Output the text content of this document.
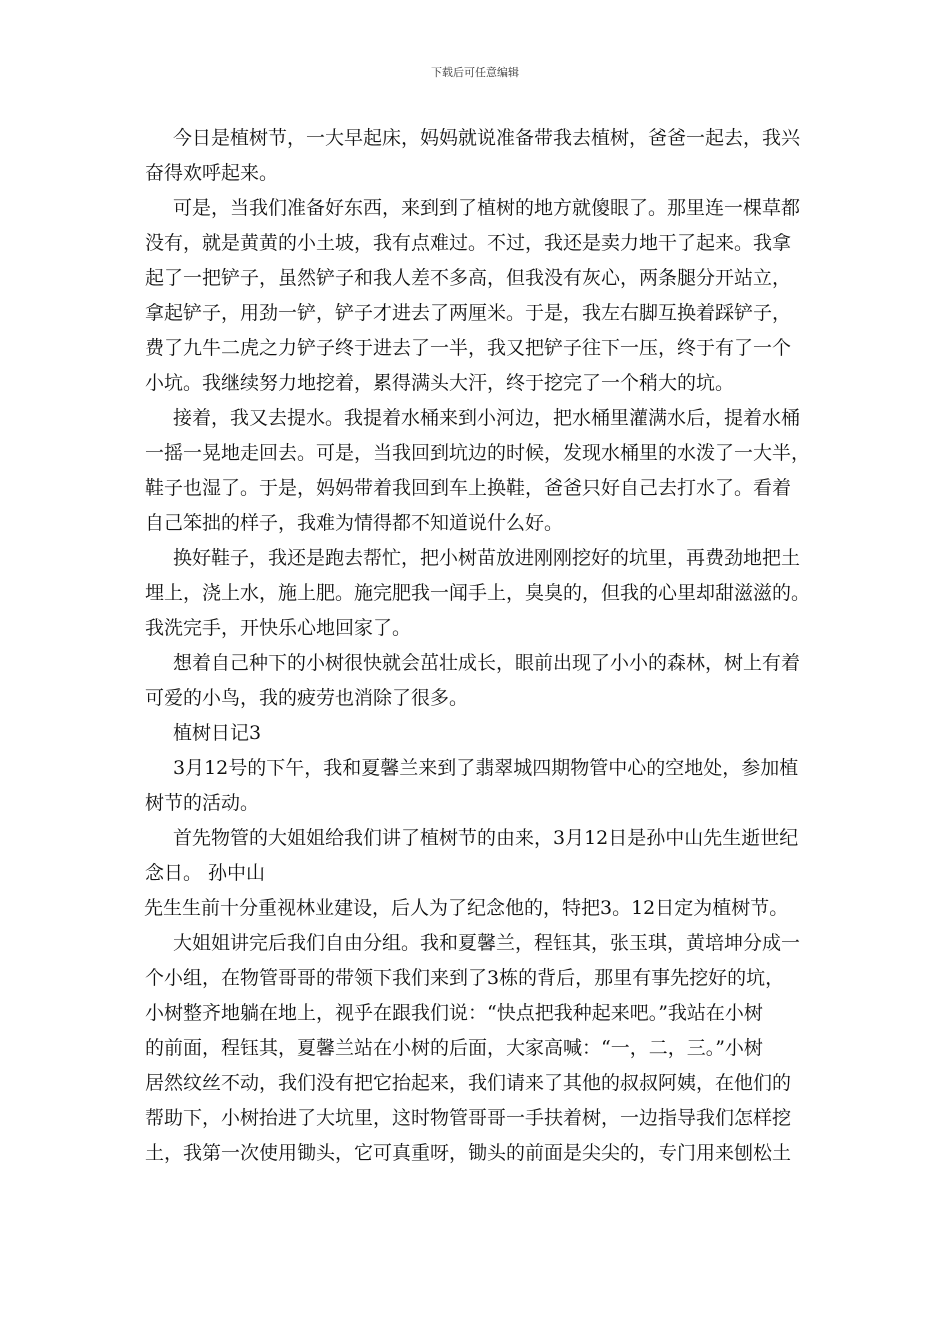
下载后可任意编辑
今日是植树节，一大早起床，妈妈就说准备带我去植树，爸爸一起去，我兴
奋得欢呼起来。
可是，当我们准备好东西，来到到了植树的地方就傻眼了。那里连一棵草都
没有，就是黄黄的小土坡，我有点难过。不过，我还是卖力地干了起来。我拿
起了一把铲子，虽然铲子和我人差不多高，但我没有灰心，两条腿分开站立，
拿起铲子，用劲一铲，铲子才进去了两厘米。于是，我左右脚互换着踩铲子，
费了九牛二虎之力铲子终于进去了一半，我又把铲子往下一压，终于有了一个
小坑。我继续努力地挖着，累得满头大汗，终于挖完了一个稍大的坑。
接着，我又去提水。我提着水桶来到小河边，把水桶里灌满水后，提着水桶
一摇一晃地走回去。可是，当我回到坑边的时候，发现水桶里的水泼了一大半，
鞋子也湿了。于是，妈妈带着我回到车上换鞋，爸爸只好自己去打水了。看着
自己笨拙的样子，我难为情得都不知道说什么好。
换好鞋子，我还是跑去帮忙，把小树苗放进刚刚挖好的坑里，再费劲地把土
埋上，浇上水，施上肥。施完肥我一闻手上，臭臭的，但我的心里却甜滋滋的。
我洗完手，开快乐心地回家了。
想着自己种下的小树很快就会茁壮成长，眼前出现了小小的森林，树上有着
可爱的小鸟，我的疲劳也消除了很多。
植树日记3
3月12号的下午，我和夏馨兰来到了翡翠城四期物管中心的空地处，参加植
树节的活动。
首先物管的大姐姐给我们讲了植树节的由来，3月12日是孙中山先生逝世纪
念日。 孙中山
先生生前十分重视林业建设，后人为了纪念他的，特把3。12日定为植树节。
大姐姐讲完后我们自由分组。我和夏馨兰，程钰其，张玉琪，黄培坤分成一
个小组，在物管哥哥的带领下我们来到了3栋的背后，那里有事先挖好的坑，
小树整齐地躺在地上，视乎在跟我们说：“快点把我种起来吧。”我站在小树
的前面，程钰其，夏馨兰站在小树的后面，大家高喊：“一，二，三。”小树
居然纹丝不动，我们没有把它抬起来，我们请来了其他的叔叔阿姨，在他们的
帮助下，小树抬进了大坑里，这时物管哥哥一手扶着树，一边指导我们怎样挖
土，我第一次使用锄头，它可真重呀，锄头的前面是尖尖的，专门用来刨松土
